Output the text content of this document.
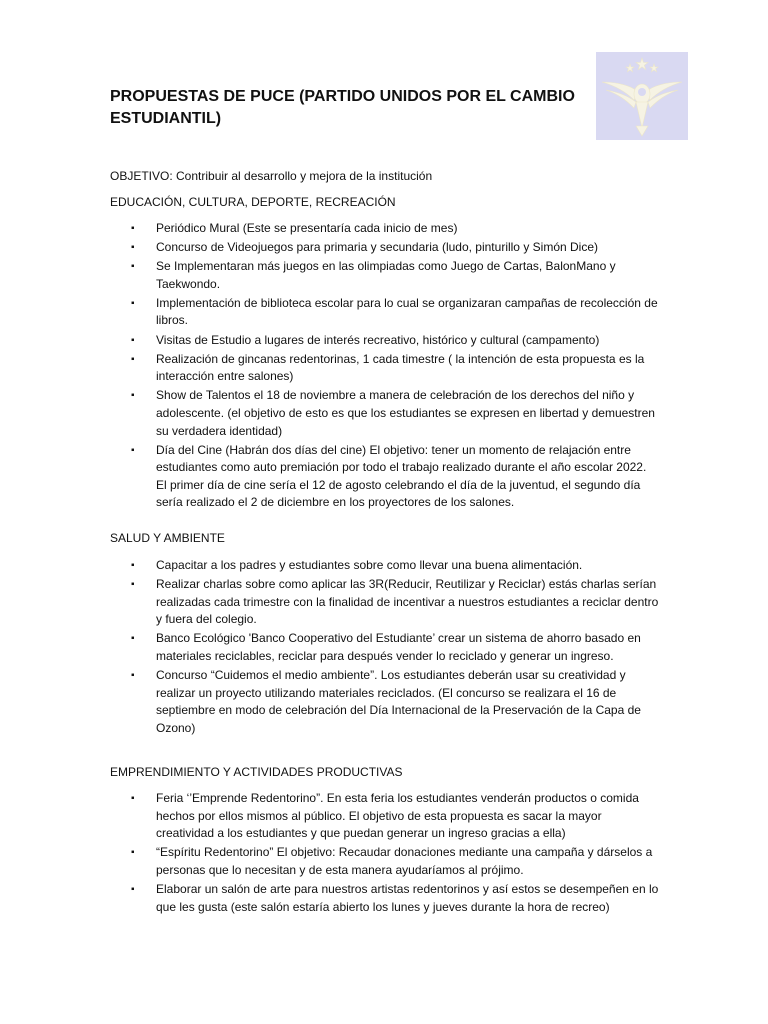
PROPUESTAS DE PUCE (PARTIDO UNIDOS POR EL CAMBIO ESTUDIANTIL)
OBJETIVO: Contribuir al desarrollo y mejora de la institución
EDUCACIÓN, CULTURA, DEPORTE, RECREACIÓN
▪ Periódico Mural (Este se presentaría cada inicio de mes)
▪ Concurso de Videojuegos para primaria y secundaria (ludo, pinturillo y Simón Dice)
▪ Se Implementaran más juegos en las olimpiadas como Juego de Cartas, BalonMano y Taekwondo.
▪ Implementación de biblioteca escolar para lo cual se organizaran campañas de recolección de libros.
▪ Visitas de Estudio a lugares de interés recreativo, histórico y cultural (campamento)
▪ Realización de gincanas redentorinas, 1 cada timestre ( la intención de esta propuesta es la interacción entre salones)
▪ Show de Talentos el 18 de noviembre a manera de celebración de los derechos del niño y adolescente. (el objetivo de esto es que los estudiantes se expresen en libertad y demuestren su verdadera identidad)
▪ Día del Cine (Habrán dos días del cine) El objetivo: tener un momento de relajación entre estudiantes como auto premiación por todo el trabajo realizado durante el año escolar 2022. El primer día de cine sería el 12 de agosto celebrando el día de la juventud, el segundo día sería realizado el 2 de diciembre en los proyectores de los salones.
SALUD Y AMBIENTE
▪ Capacitar a los padres y estudiantes sobre como llevar una buena alimentación.
▪ Realizar charlas sobre como aplicar las 3R(Reducir, Reutilizar y Reciclar) estás charlas serían realizadas cada trimestre con la finalidad de incentivar a nuestros estudiantes a reciclar dentro y fuera del colegio.
▪ Banco Ecológico 'Banco Cooperativo del Estudiante’ crear un sistema de ahorro basado en materiales reciclables, reciclar para después vender lo reciclado y generar un ingreso.
▪ Concurso “Cuidemos el medio ambiente”. Los estudiantes deberán usar su creatividad y realizar un proyecto utilizando materiales reciclados. (El concurso se realizara el 16 de septiembre en modo de celebración del Día Internacional de la Preservación de la Capa de Ozono)
EMPRENDIMIENTO Y ACTIVIDADES PRODUCTIVAS
▪ Feria ‘’Emprende Redentorino”. En esta feria los estudiantes venderán productos o comida hechos por ellos mismos al público. El objetivo de esta propuesta es sacar la mayor creatividad a los estudiantes y que puedan generar un ingreso gracias a ella)
▪ “Espíritu Redentorino” El objetivo: Recaudar donaciones mediante una campaña y dárselos a personas que lo necesitan y de esta manera ayudaríamos al prójimo.
▪ Elaborar un salón de arte para nuestros artistas redentorinos y así estos se desempeñen en lo que les gusta (este salón estaría abierto los lunes y jueves durante la hora de recreo)
